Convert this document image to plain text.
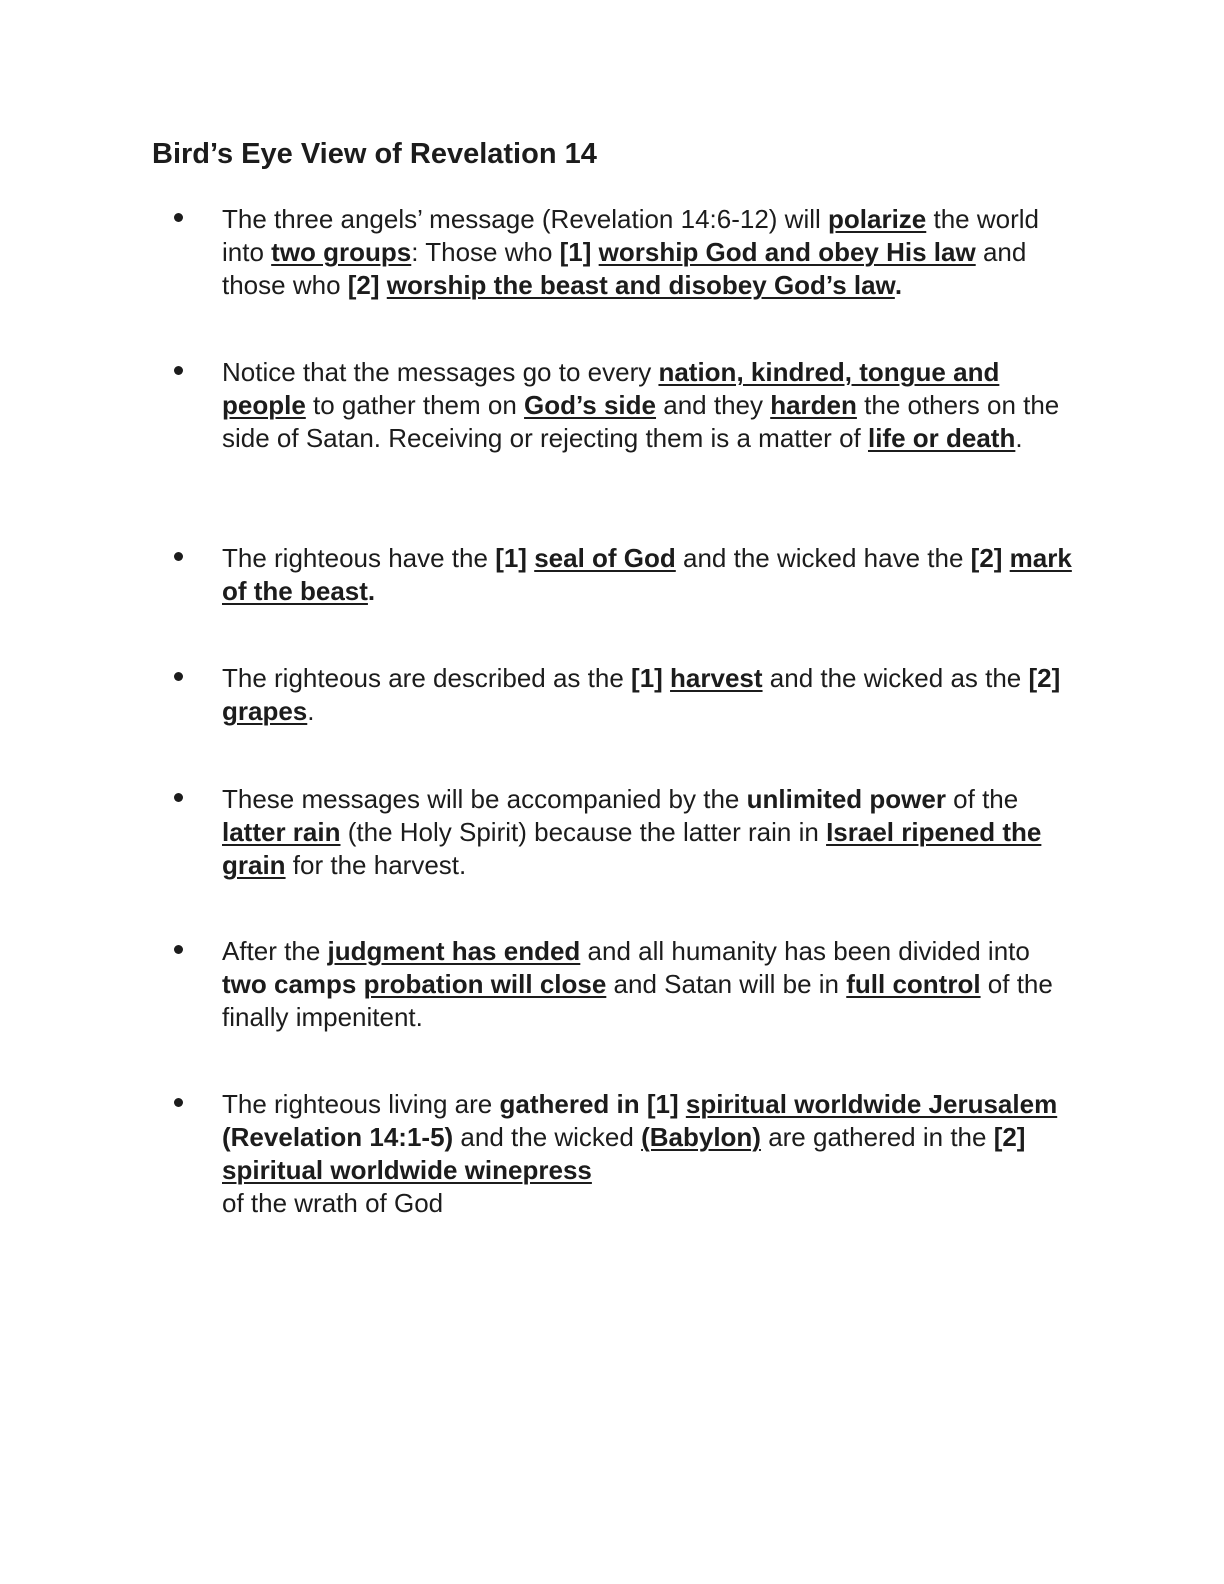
Bird’s Eye View of Revelation 14

The three angels’ message (Revelation 14:6-12) will polarize the world into two groups: Those who [1] worship God and obey His law and those who [2] worship the beast and disobey God’s law.

Notice that the messages go to every nation, kindred, tongue and people to gather them on God’s side and they harden the others on the side of Satan. Receiving or rejecting them is a matter of life or death.

The righteous have the [1] seal of God and the wicked have the [2] mark of the beast.

The righteous are described as the [1] harvest and the wicked as the [2] grapes.

These messages will be accompanied by the unlimited power of the latter rain (the Holy Spirit) because the latter rain in Israel ripened the grain for the harvest.

After the judgment has ended and all humanity has been divided into two camps probation will close and Satan will be in full control of the finally impenitent.

The righteous living are gathered in [1] spiritual worldwide Jerusalem (Revelation 14:1-5) and the wicked (Babylon) are gathered in the [2] spiritual worldwide winepress
of the wrath of God
